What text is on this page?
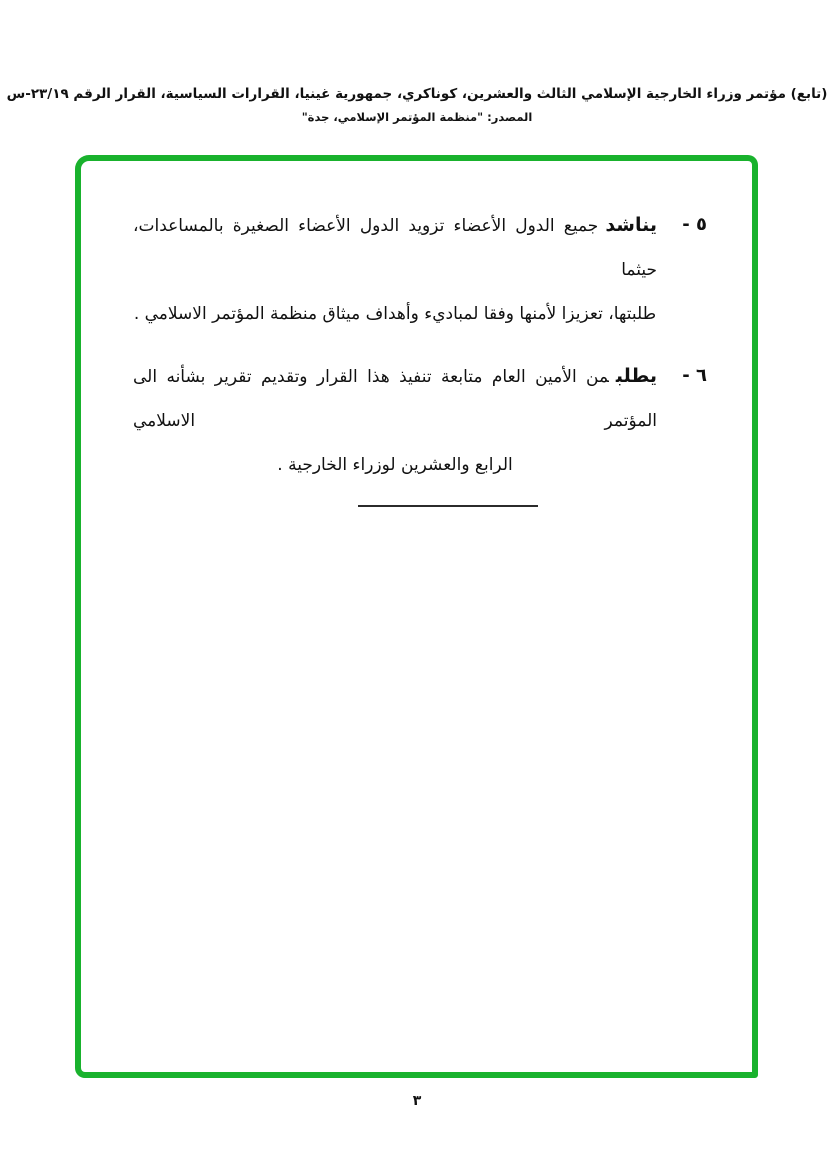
(تابع) مؤتمر وزراء الخارجية الإسلامي الثالث والعشرين، كوناكري، جمهورية غينيا، القرارات السياسية، القرار الرقم ٢٣/١٩-س
المصدر: "منظمة المؤتمر الإسلامي، جدة"
٥ -
يناشدجميع الدول الأعضاء تزويد الدول الأعضاء الصغيرة بالمساعدات، حيثما
طلبتها، تعزيزا لأمنها وفقا لمباديء وأهداف ميثاق منظمة المؤتمر الاسلامي .
٦ -
يطلبمن الأمين العام متابعة تنفيذ هذا القرار وتقديم تقرير بشأنه الى المؤتمر الاسلامي
الرابع والعشرين لوزراء الخارجية .
٣
